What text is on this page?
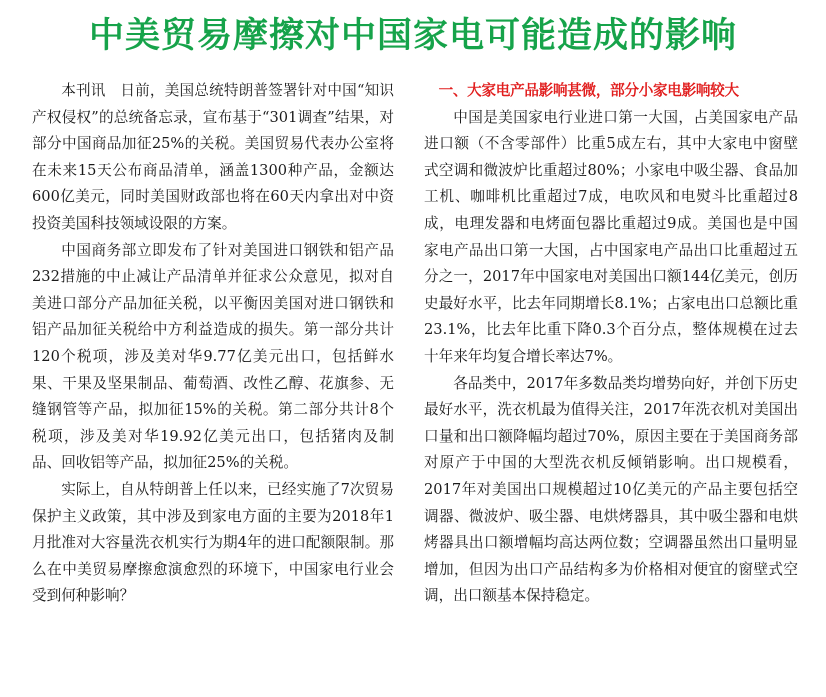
中美贸易摩擦对中国家电可能造成的影响

本刊讯　日前，美国总统特朗普签署针对中国“知识产权侵权”的总统备忘录，宣布基于“301调查”结果，对部分中国商品加征25%的关税。美国贸易代表办公室将在未来15天公布商品清单，涵盖1300种产品，金额达600亿美元，同时美国财政部也将在60天内拿出对中资投资美国科技领域设限的方案。

中国商务部立即发布了针对美国进口钢铁和铝产品232措施的中止减让产品清单并征求公众意见，拟对自美进口部分产品加征关税，以平衡因美国对进口钢铁和铝产品加征关税给中方利益造成的损失。第一部分共计120个税项，涉及美对华9.77亿美元出口，包括鲜水果、干果及坚果制品、葡萄酒、改性乙醇、花旗参、无缝钢管等产品，拟加征15%的关税。第二部分共计8个税项，涉及美对华19.92亿美元出口，包括猪肉及制品、回收铝等产品，拟加征25%的关税。

实际上，自从特朗普上任以来，已经实施了7次贸易保护主义政策，其中涉及到家电方面的主要为2018年1月批准对大容量洗衣机实行为期4年的进口配额限制。那么在中美贸易摩擦愈演愈烈的环境下，中国家电行业会受到何种影响？

一、大家电产品影响甚微，部分小家电影响较大

中国是美国家电行业进口第一大国，占美国家电产品进口额（不含零部件）比重5成左右，其中大家电中窗壁式空调和微波炉比重超过80%；小家电中吸尘器、食品加工机、咖啡机比重超过7成，电吹风和电熨斗比重超过8成，电理发器和电烤面包器比重超过9成。美国也是中国家电产品出口第一大国，占中国家电产品出口比重超过五分之一，2017年中国家电对美国出口额144亿美元，创历史最好水平，比去年同期增长8.1%；占家电出口总额比重23.1%，比去年比重下降0.3个百分点，整体规模在过去十年来年均复合增长率达7%。

各品类中，2017年多数品类均增势向好，并创下历史最好水平，洗衣机最为值得关注，2017年洗衣机对美国出口量和出口额降幅均超过70%，原因主要在于美国商务部对原产于中国的大型洗衣机反倾销影响。出口规模看，2017年对美国出口规模超过10亿美元的产品主要包括空调器、微波炉、吸尘器、电烘烤器具，其中吸尘器和电烘烤器具出口额增幅均高达两位数；空调器虽然出口量明显增加，但因为出口产品结构多为价格相对便宜的窗壁式空调，出口额基本保持稳定。
